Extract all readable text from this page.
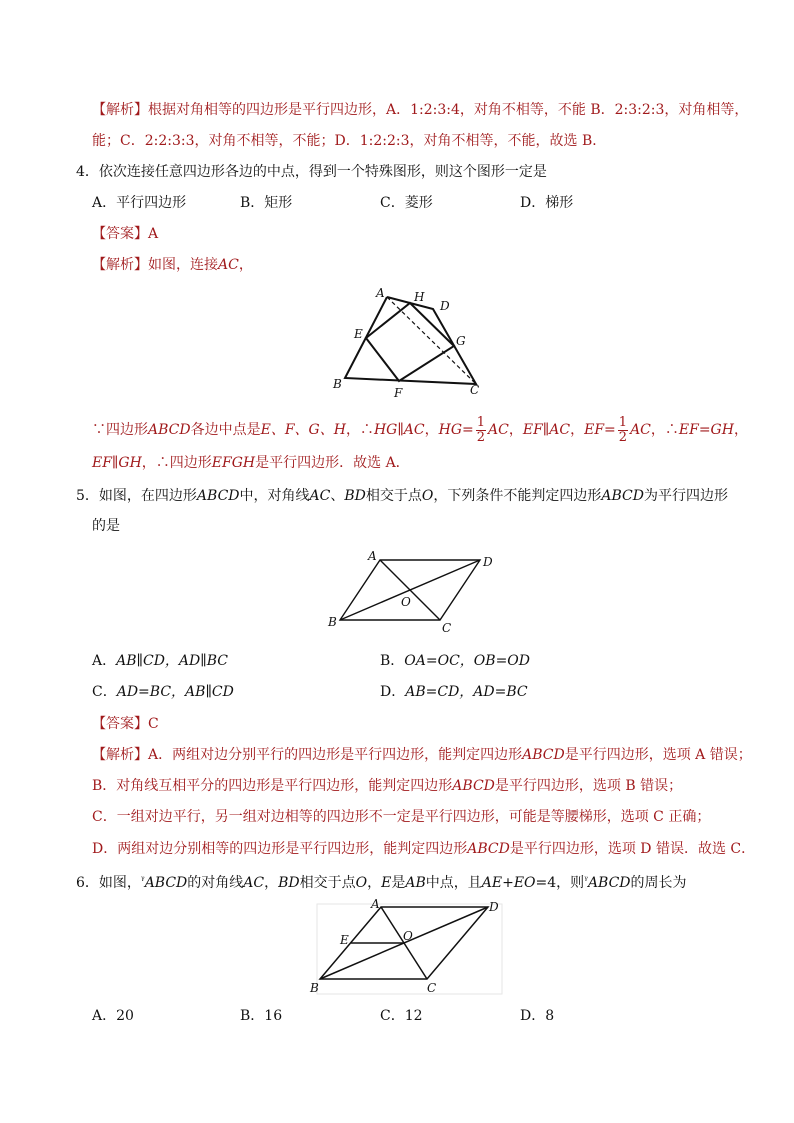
【解析】根据对角相等的四边形是平行四边形，A．1:2:3:4，对角不相等，不能 B．2:3:2:3，对角相等，
能；C．2:2:3:3，对角不相等，不能；D．1:2:2:3，对角不相等，不能，故选 B．
4．依次连接任意四边形各边的中点，得到一个特殊图形，则这个图形一定是
A．平行四边形	B．矩形	C．菱形	D．梯形
【答案】A
【解析】如图，连接AC，
A H
D
E	G
B
F	C
∵四边形ABCD各边中点是E、F、G、H，∴HG∥AC，$HG= \frac{1}{2}$ AC，EF∥AC，$EF= \frac{1}{2}$ AC，∴EF=GH，
EF∥GH，∴四边形EFGH是平行四边形．故选 A．
5．如图，在四边形ABCD中，对角线AC、BD相交于点O，下列条件不能判定四边形ABCD为平行四边形
的是
A	D
O
B	C
A．AB∥CD，AD∥BC	B．OA=OC，OB=OD
C．AD=BC，AB∥CD	D．AB=CD，AD=BC
【答案】C
【解析】A．两组对边分别平行的四边形是平行四边形，能判定四边形ABCD是平行四边形，选项 A 错误；
B．对角线互相平分的四边形是平行四边形，能判定四边形ABCD是平行四边形，选项 B 错误；
C．一组对边平行，另一组对边相等的四边形不一定是平行四边形，可能是等腰梯形，选项 C 正确；
D．两组对边分别相等的四边形是平行四边形，能判定四边形ABCD是平行四边形，选项 D 错误．故选 C．
6．如图，$^ᵞ$ABCD的对角线AC，BD相交于点O，E是AB中点，且AE+EO=4，则$^ᵞ$ABCD的周长为
A	D
E	O
B	C
A．20	B．16	C．12	D．8
